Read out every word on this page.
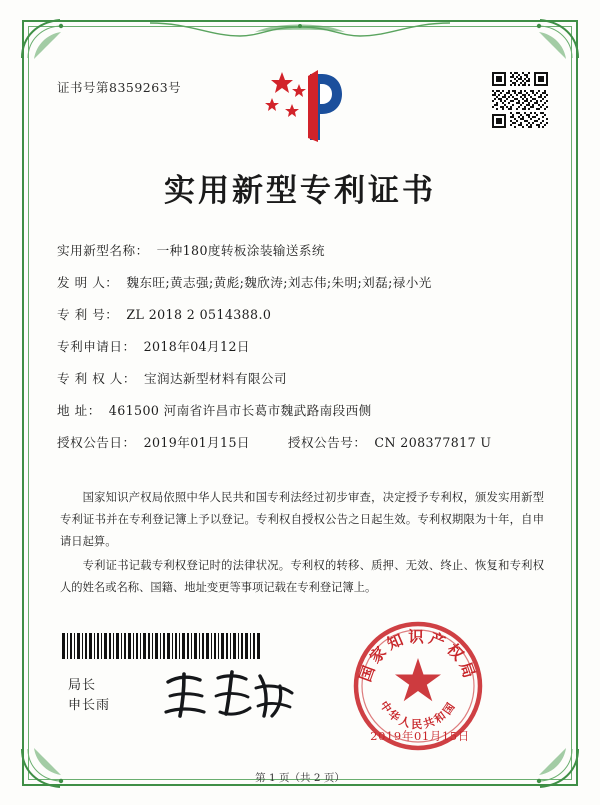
证书号第8359263号
实用新型专利证书
实用新型名称： 一种180度转板涂装输送系统
发 明 人： 魏东旺;黄志强;黄彪;魏欣涛;刘志伟;朱明;刘磊;禄小光
专 利 号： ZL 2018 2 0514388.0
专利申请日： 2018年04月12日
专 利 权 人： 宝润达新型材料有限公司
地 址： 461500 河南省许昌市长葛市魏武路南段西侧
授权公告日： 2019年01月15日	授权公告号： CN 208377817 U

国家知识产权局依照中华人民共和国专利法经过初步审查，决定授予专利权，颁发实用新型专利证书并在专利登记簿上予以登记。专利权自授权公告之日起生效。专利权期限为十年，自申请日起算。

专利证书记载专利权登记时的法律状况。专利权的转移、质押、无效、终止、恢复和专利权人的姓名或名称、国籍、地址变更等事项记载在专利登记簿上。

局长
申长雨
国家知识产权局
中华人民共和国
2019年01月15日
第 1 页（共 2 页）
